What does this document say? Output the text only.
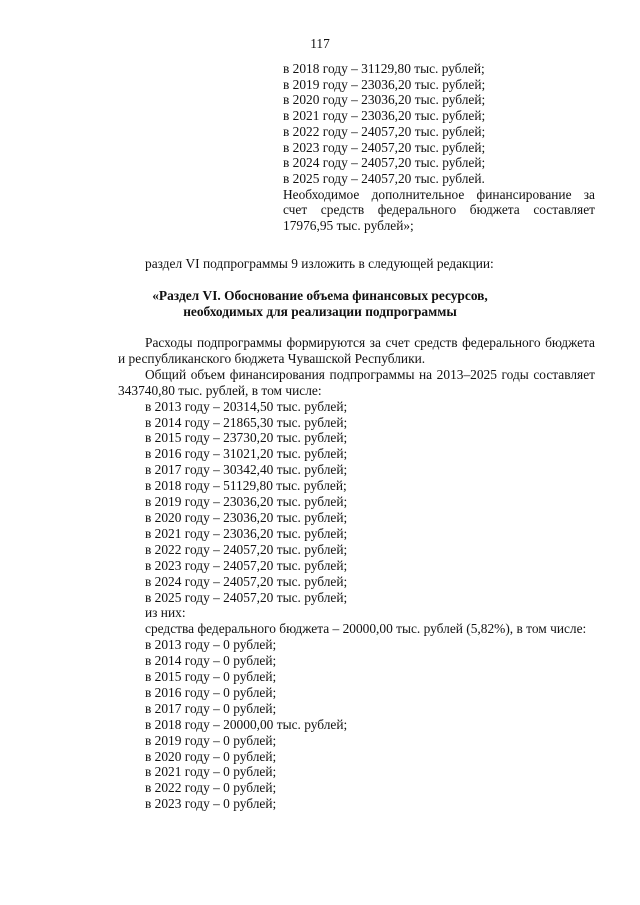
117
в 2018 году – 31129,80 тыс. рублей;
в 2019 году – 23036,20 тыс. рублей;
в 2020 году – 23036,20 тыс. рублей;
в 2021 году – 23036,20 тыс. рублей;
в 2022 году – 24057,20 тыс. рублей;
в 2023 году – 24057,20 тыс. рублей;
в 2024 году – 24057,20 тыс. рублей;
в 2025 году – 24057,20 тыс. рублей.
Необходимое дополнительное финансирование за счет средств федерального бюджета составляет 17976,95 тыс. рублей»;
раздел VI подпрограммы 9 изложить в следующей редакции:
«Раздел VI. Обоснование объема финансовых ресурсов,
необходимых для реализации подпрограммы

Расходы подпрограммы формируются за счет средств федерального бюджета и республиканского бюджета Чувашской Республики.

Общий объем финансирования подпрограммы на 2013–2025 годы составляет 343740,80 тыс. рублей, в том числе:

в 2013 году – 20314,50 тыс. рублей;
в 2014 году – 21865,30 тыс. рублей;
в 2015 году – 23730,20 тыс. рублей;
в 2016 году – 31021,20 тыс. рублей;
в 2017 году – 30342,40 тыс. рублей;
в 2018 году – 51129,80 тыс. рублей;
в 2019 году – 23036,20 тыс. рублей;
в 2020 году – 23036,20 тыс. рублей;
в 2021 году – 23036,20 тыс. рублей;
в 2022 году – 24057,20 тыс. рублей;
в 2023 году – 24057,20 тыс. рублей;
в 2024 году – 24057,20 тыс. рублей;
в 2025 году – 24057,20 тыс. рублей;
из них:

средства федерального бюджета – 20000,00 тыс. рублей (5,82%), в том числе:

в 2013 году – 0 рублей;
в 2014 году – 0 рублей;
в 2015 году – 0 рублей;
в 2016 году – 0 рублей;
в 2017 году – 0 рублей;
в 2018 году – 20000,00 тыс. рублей;
в 2019 году – 0 рублей;
в 2020 году – 0 рублей;
в 2021 году – 0 рублей;
в 2022 году – 0 рублей;
в 2023 году – 0 рублей;
